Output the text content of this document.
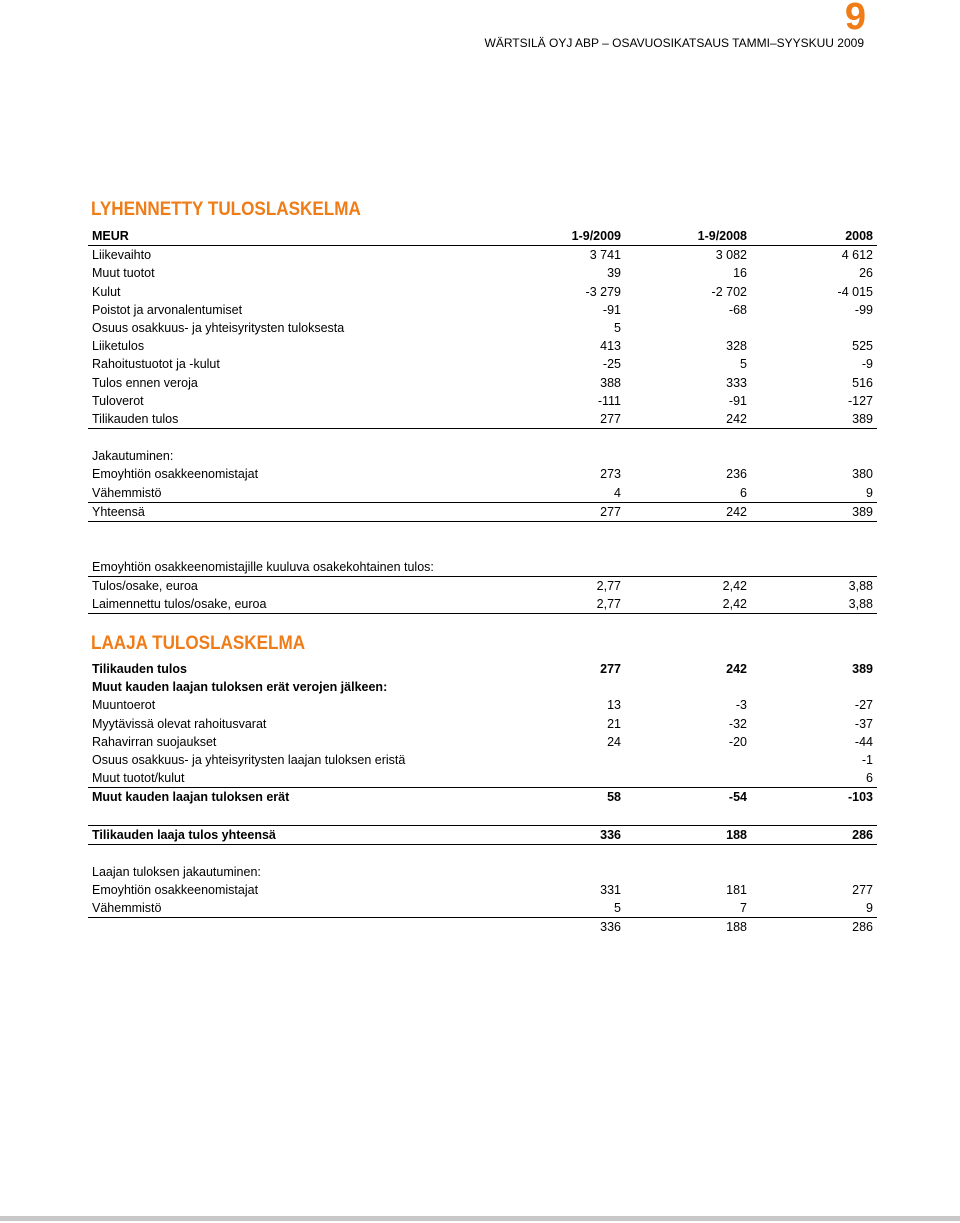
9
WÄRTSILÄ OYJ ABP – OSAVUOSIKATSAUS TAMMI–SYYSKUU 2009
LYHENNETTY TULOSLASKELMA
MEUR	1-9/2009	1-9/2008	2008
Liikevaihto	3 741	3 082	4 612
Muut tuotot	39	16	26
Kulut	-3 279	-2 702	-4 015
Poistot ja arvonalentumiset	-91	-68	-99
Osuus osakkuus- ja yhteisyritysten tuloksesta	5		
Liiketulos	413	328	525
Rahoitustuotot ja -kulut	-25	5	-9
Tulos ennen veroja	388	333	516
Tuloverot	-111	-91	-127
Tilikauden tulos	277	242	389

Jakautuminen:			
Emoyhtiön osakkeenomistajat	273	236	380
Vähemmistö	4	6	9
Yhteensä	277	242	389

Emoyhtiön osakkeenomistajille kuuluva osakekohtainen tulos:			
Tulos/osake, euroa	2,77	2,42	3,88
Laimennettu tulos/osake, euroa	2,77	2,42	3,88
LAAJA TULOSLASKELMA
Tilikauden tulos	277	242	389
Muut kauden laajan tuloksen erät verojen jälkeen:			
Muuntoerot	13	-3	-27
Myytävissä olevat rahoitusvarat	21	-32	-37
Rahavirran suojaukset	24	-20	-44
Osuus osakkuus- ja yhteisyritysten laajan tuloksen eristä			-1
Muut tuotot/kulut			6
Muut kauden laajan tuloksen erät	58	-54	-103

Tilikauden laaja tulos yhteensä	336	188	286

Laajan tuloksen jakautuminen:			
Emoyhtiön osakkeenomistajat	331	181	277
Vähemmistö	5	7	9
	336	188	286
